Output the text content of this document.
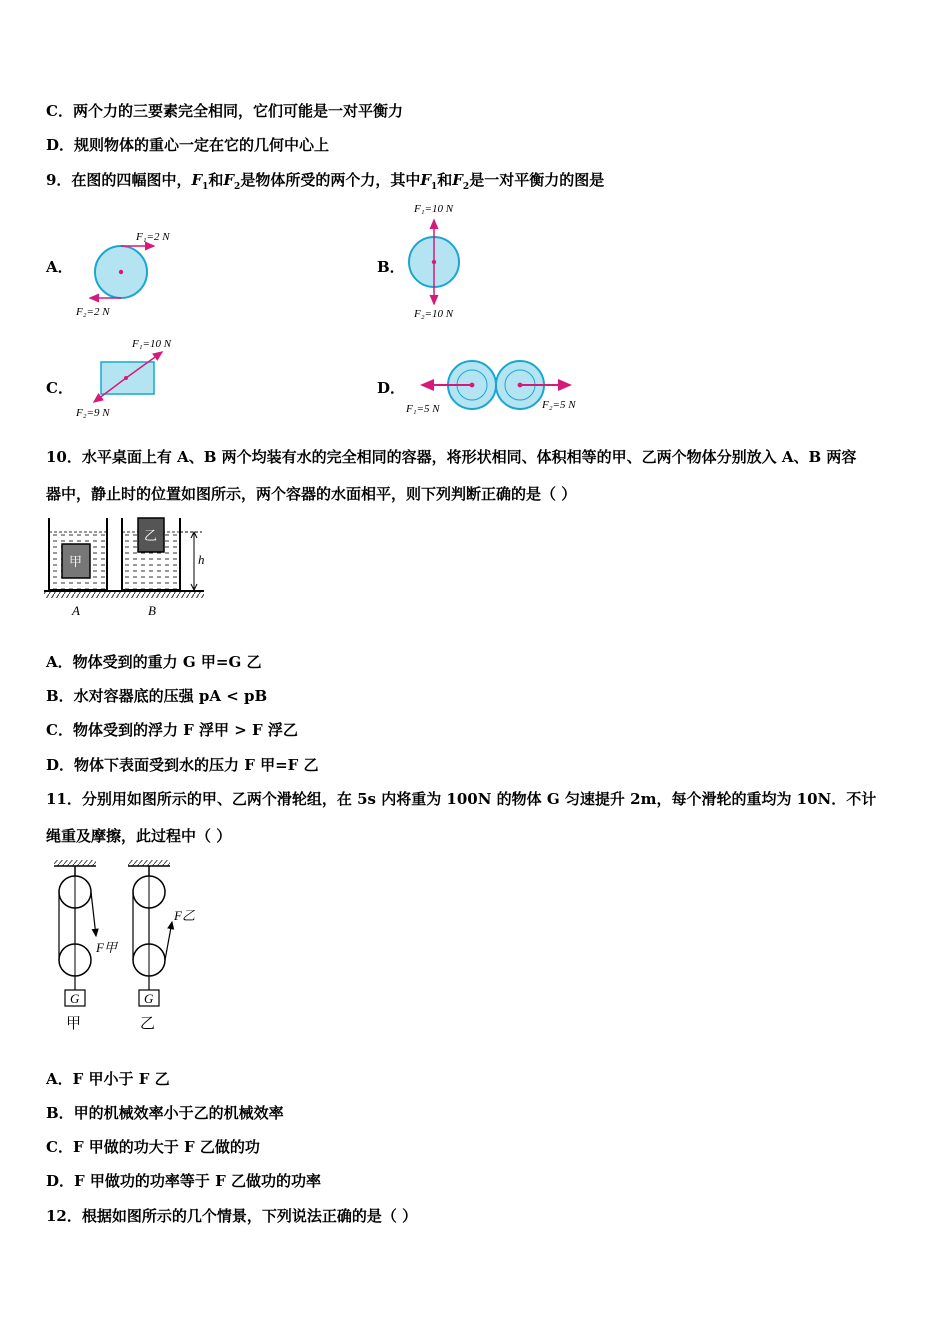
C．两个力的三要素完全相同，它们可能是一对平衡力
D．规则物体的重心一定在它的几何中心上
9．在图的四幅图中，$F_1$和$F_2$是物体所受的两个力，其中$F_1$和$F_2$是一对平衡力的图是
A．
F₁=2 N
F₂=2 N
B．
F₁=10 N
F₂=10 N
C．
F₁=10 N
F₂=9 N
D．
F₁=5 N	F₂=5 N
10．水平桌面上有 A、B 两个均装有水的完全相同的容器，将形状相同、体积相等的甲、乙两个物体分别放入 A、B 两容
器中，静止时的位置如图所示，两个容器的水面相平，则下列判断正确的是（ ）
甲
乙
h
A	B
A．物体受到的重力 G 甲=G 乙
B．水对容器底的压强 pA < pB
C．物体受到的浮力 F 浮甲 > F 浮乙
D．物体下表面受到水的压力 F 甲=F 乙
11．分别用如图所示的甲、乙两个滑轮组，在 5s 内将重为 100N 的物体 G 匀速提升 2m，每个滑轮的重均为 10N．不计
绳重及摩擦，此过程中（ ）
F甲
G
甲
F乙
G
乙
A．F 甲小于 F 乙
B．甲的机械效率小于乙的机械效率
C．F 甲做的功大于 F 乙做的功
D．F 甲做功的功率等于 F 乙做功的功率
12．根据如图所示的几个情景，下列说法正确的是（ ）
